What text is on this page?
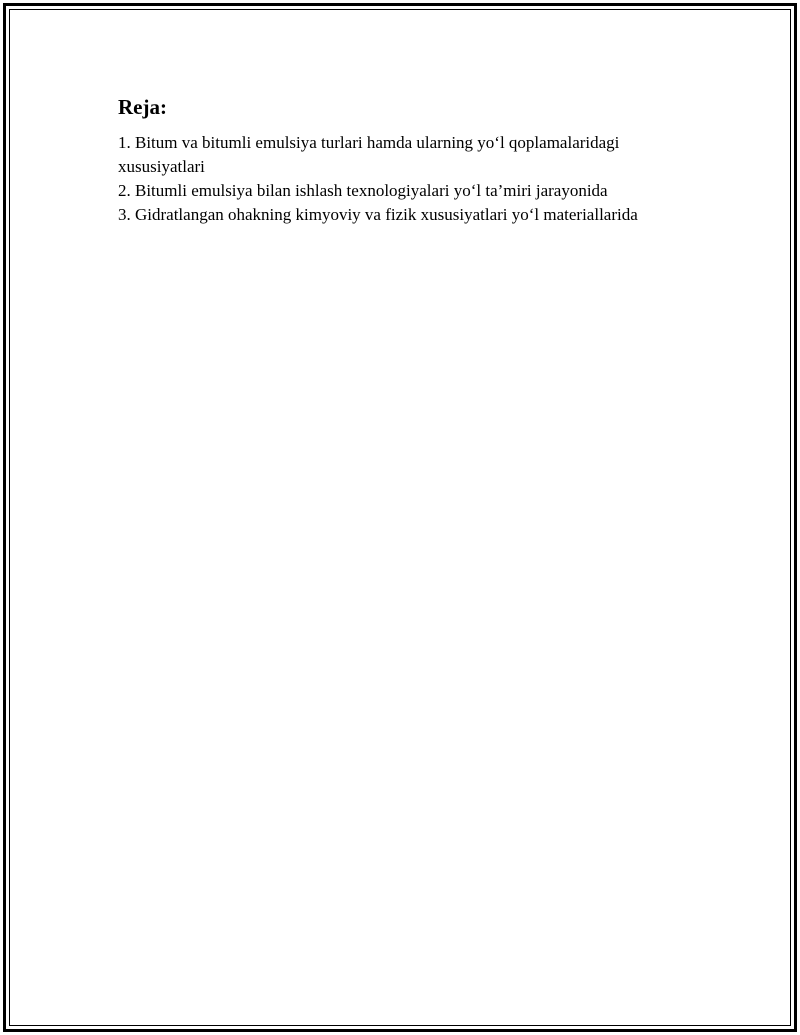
Reja:
1. Bitum va bitumli emulsiya turlari hamda ularning yo‘l qoplamalaridagi xususiyatlari
2. Bitumli emulsiya bilan ishlash texnologiyalari yo‘l ta’miri jarayonida
3. Gidratlangan ohakning kimyoviy va fizik xususiyatlari yo‘l materiallarida
